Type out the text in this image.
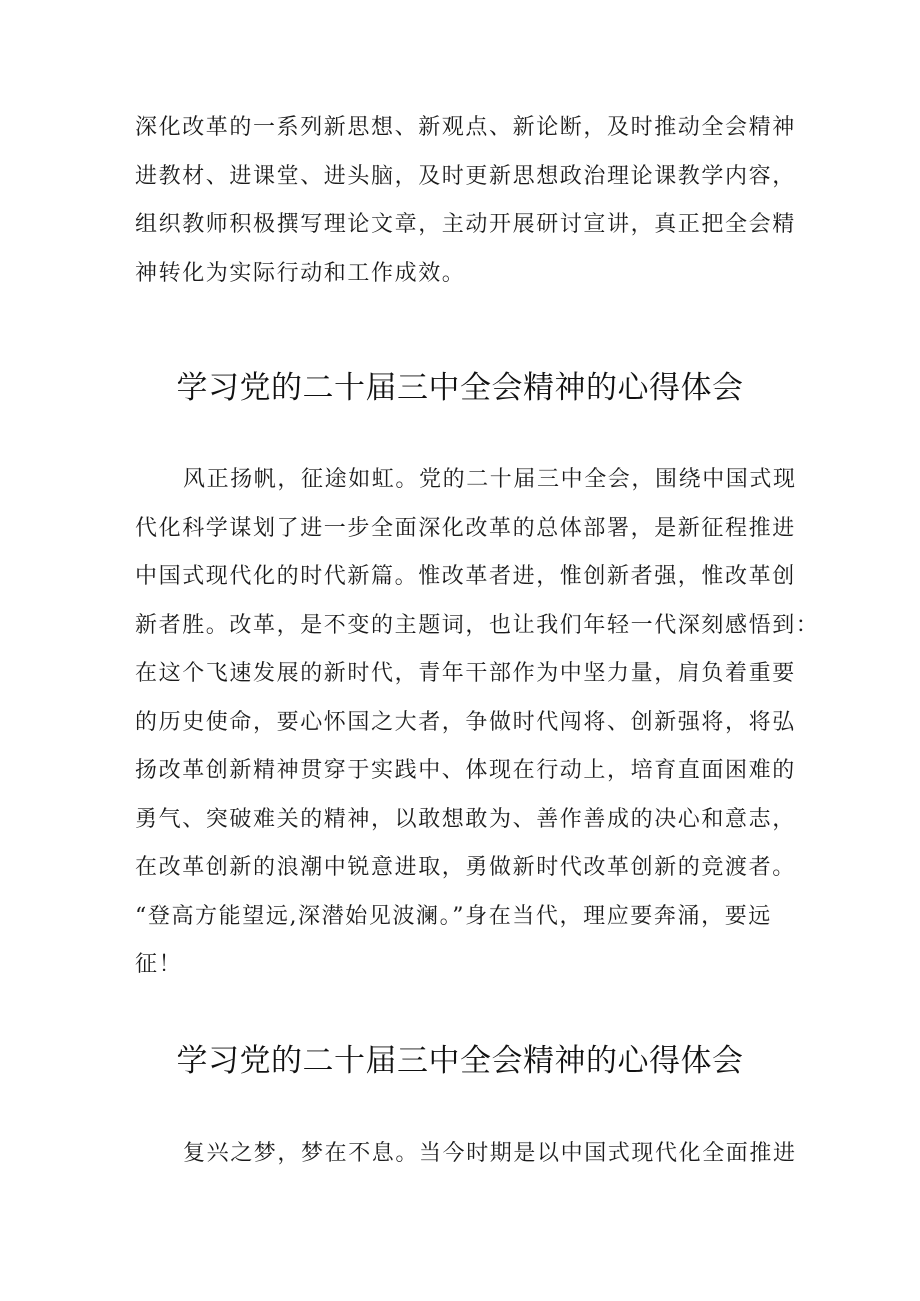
深化改革的一系列新思想、新观点、新论断，及时推动全会精神
进教材、进课堂、进头脑，及时更新思想政治理论课教学内容，
组织教师积极撰写理论文章，主动开展研讨宣讲，真正把全会精
神转化为实际行动和工作成效。
学习党的二十届三中全会精神的心得体会
风正扬帆，征途如虹。党的二十届三中全会，围绕中国式现
代化科学谋划了进一步全面深化改革的总体部署，是新征程推进
中国式现代化的时代新篇。惟改革者进，惟创新者强，惟改革创
新者胜。改革，是不变的主题词，也让我们年轻一代深刻感悟到：
在这个飞速发展的新时代，青年干部作为中坚力量，肩负着重要
的历史使命，要心怀国之大者，争做时代闯将、创新强将，将弘
扬改革创新精神贯穿于实践中、体现在行动上，培育直面困难的
勇气、突破难关的精神，以敢想敢为、善作善成的决心和意志，
在改革创新的浪潮中锐意进取，勇做新时代改革创新的竞渡者。
“登高方能望远,深潜始见波澜。”身在当代，理应要奔涌，要远
征！
学习党的二十届三中全会精神的心得体会
复兴之梦，梦在不息。当今时期是以中国式现代化全面推进
